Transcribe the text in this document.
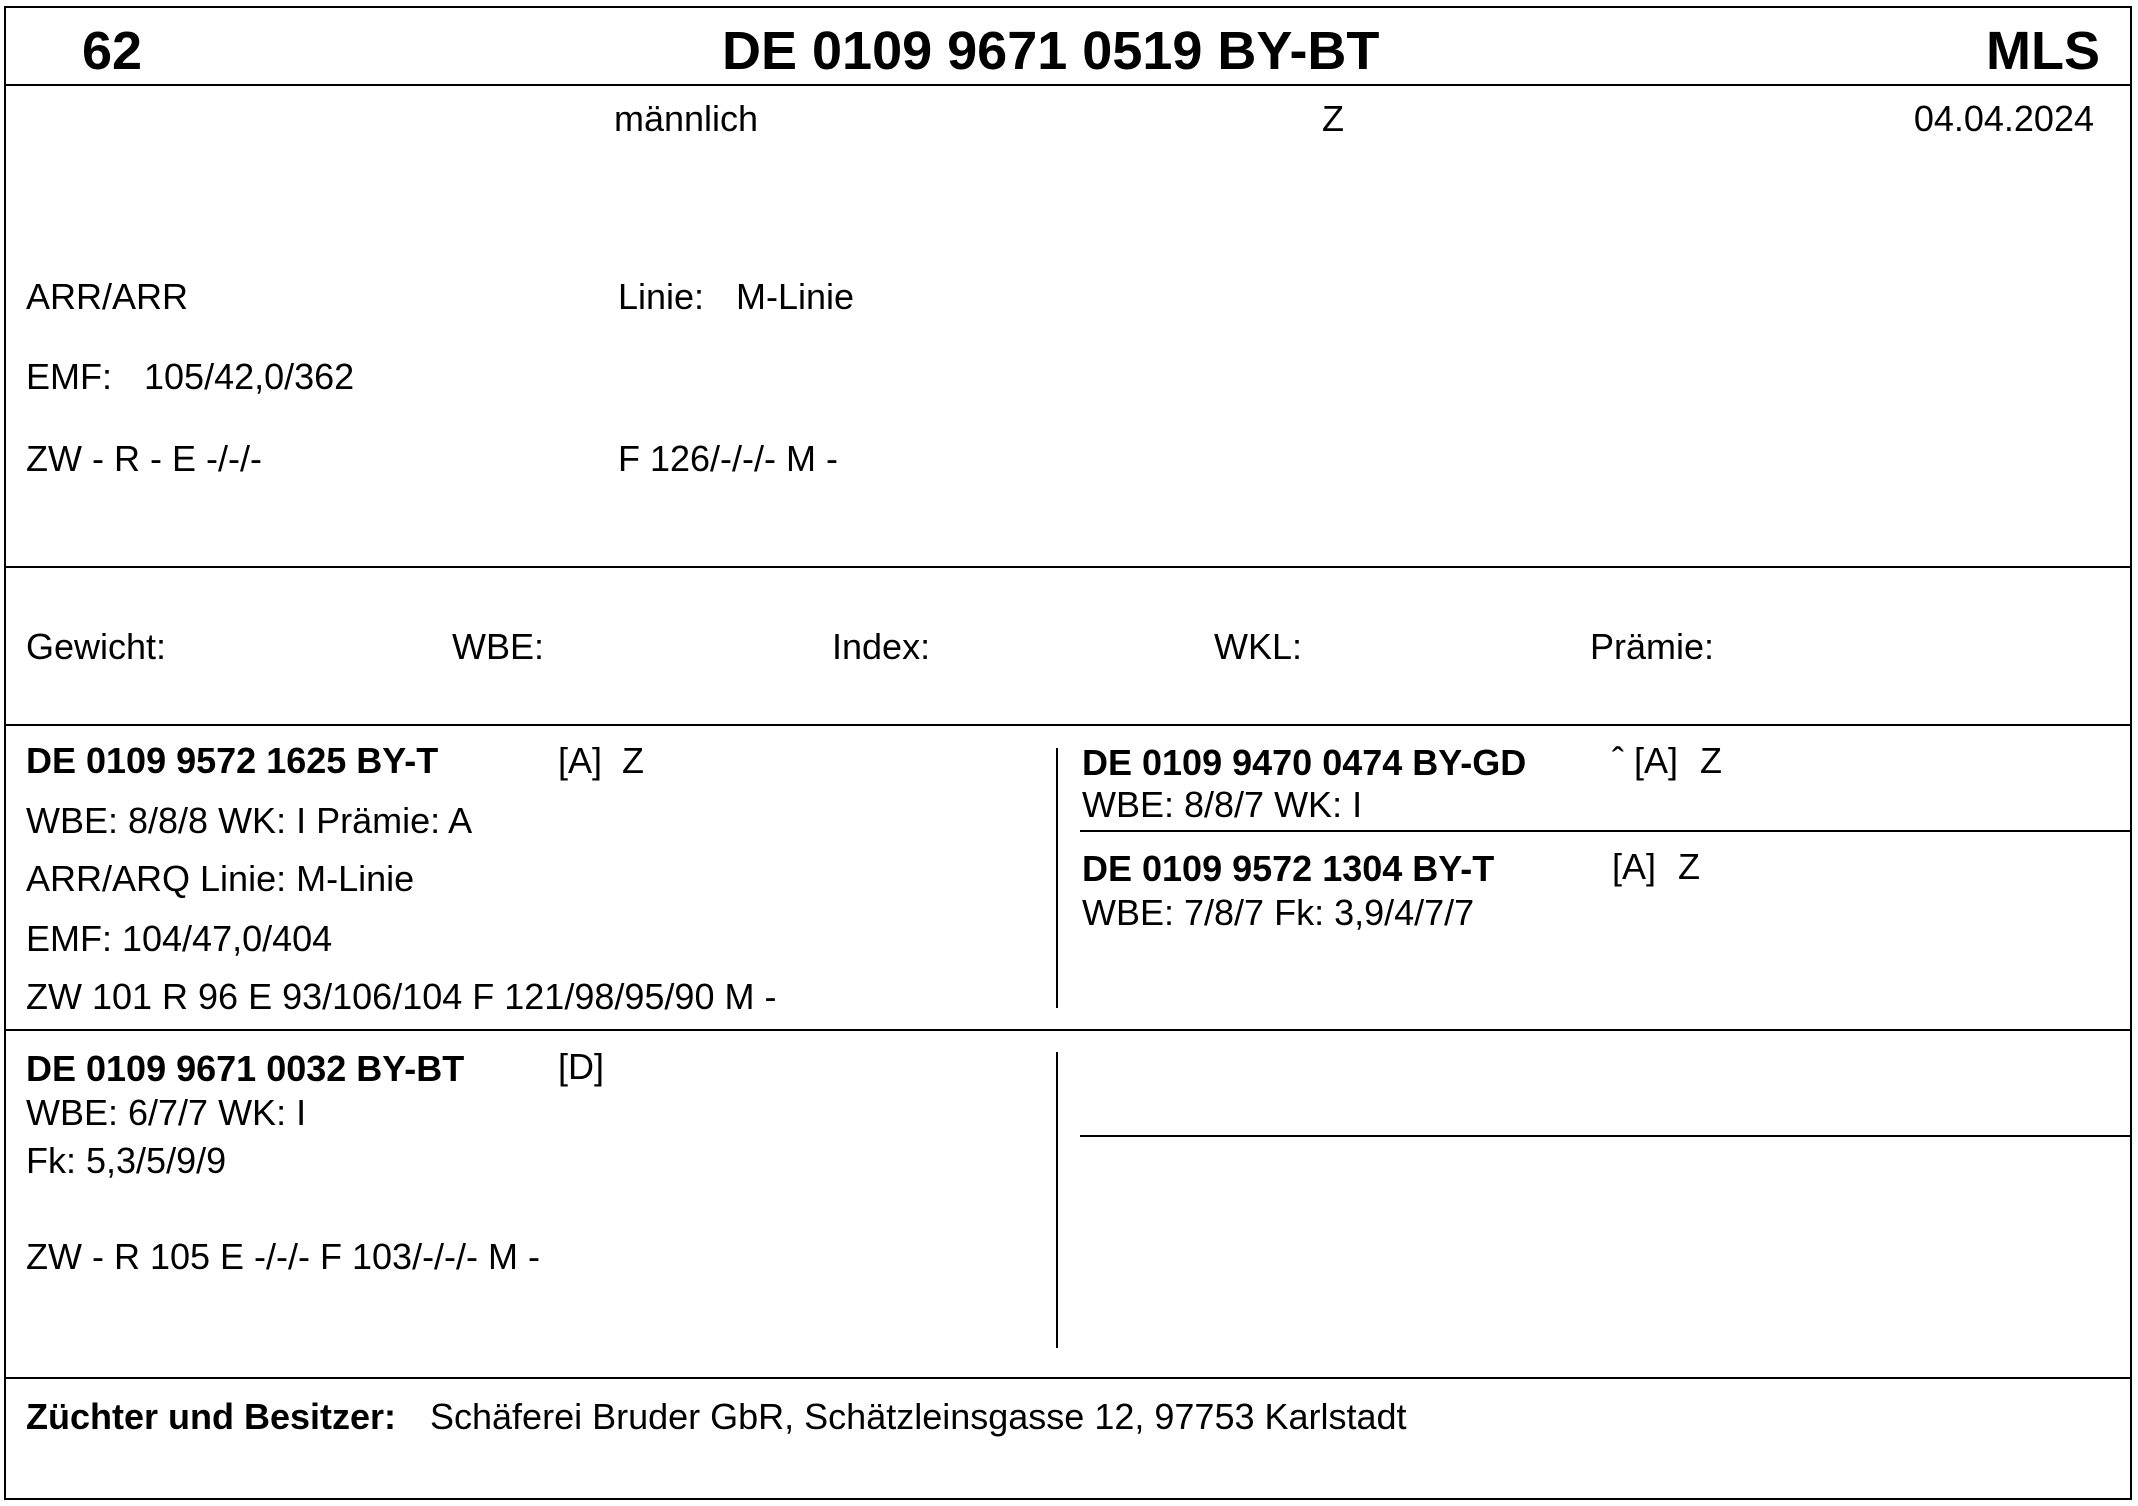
62	DE 0109 9671 0519 BY-BT	MLS
männlich	Z	04.04.2024
ARR/ARR	Linie: M-Linie
EMF: 105/42,0/362
ZW - R - E -/-/-	F 126/-/-/- M -
Gewicht:	WBE:	Index:	WKL:	Prämie:
DE 0109 9572 1625 BY-T	[A] Z
WBE: 8/8/8 WK: I Prämie: A
ARR/ARQ Linie: M-Linie
EMF: 104/47,0/404
ZW 101 R 96 E 93/106/104 F 121/98/95/90 M -
DE 0109 9470 0474 BY-GD ˆ [A] Z
WBE: 8/8/7 WK: I
DE 0109 9572 1304 BY-T	[A] Z
WBE: 7/8/7 Fk: 3,9/4/7/7
DE 0109 9671 0032 BY-BT	[D]
WBE: 6/7/7 WK: I
Fk: 5,3/5/9/9
ZW - R 105 E -/-/- F 103/-/-/- M -
Züchter und Besitzer: Schäferei Bruder GbR, Schätzleinsgasse 12, 97753 Karlstadt
